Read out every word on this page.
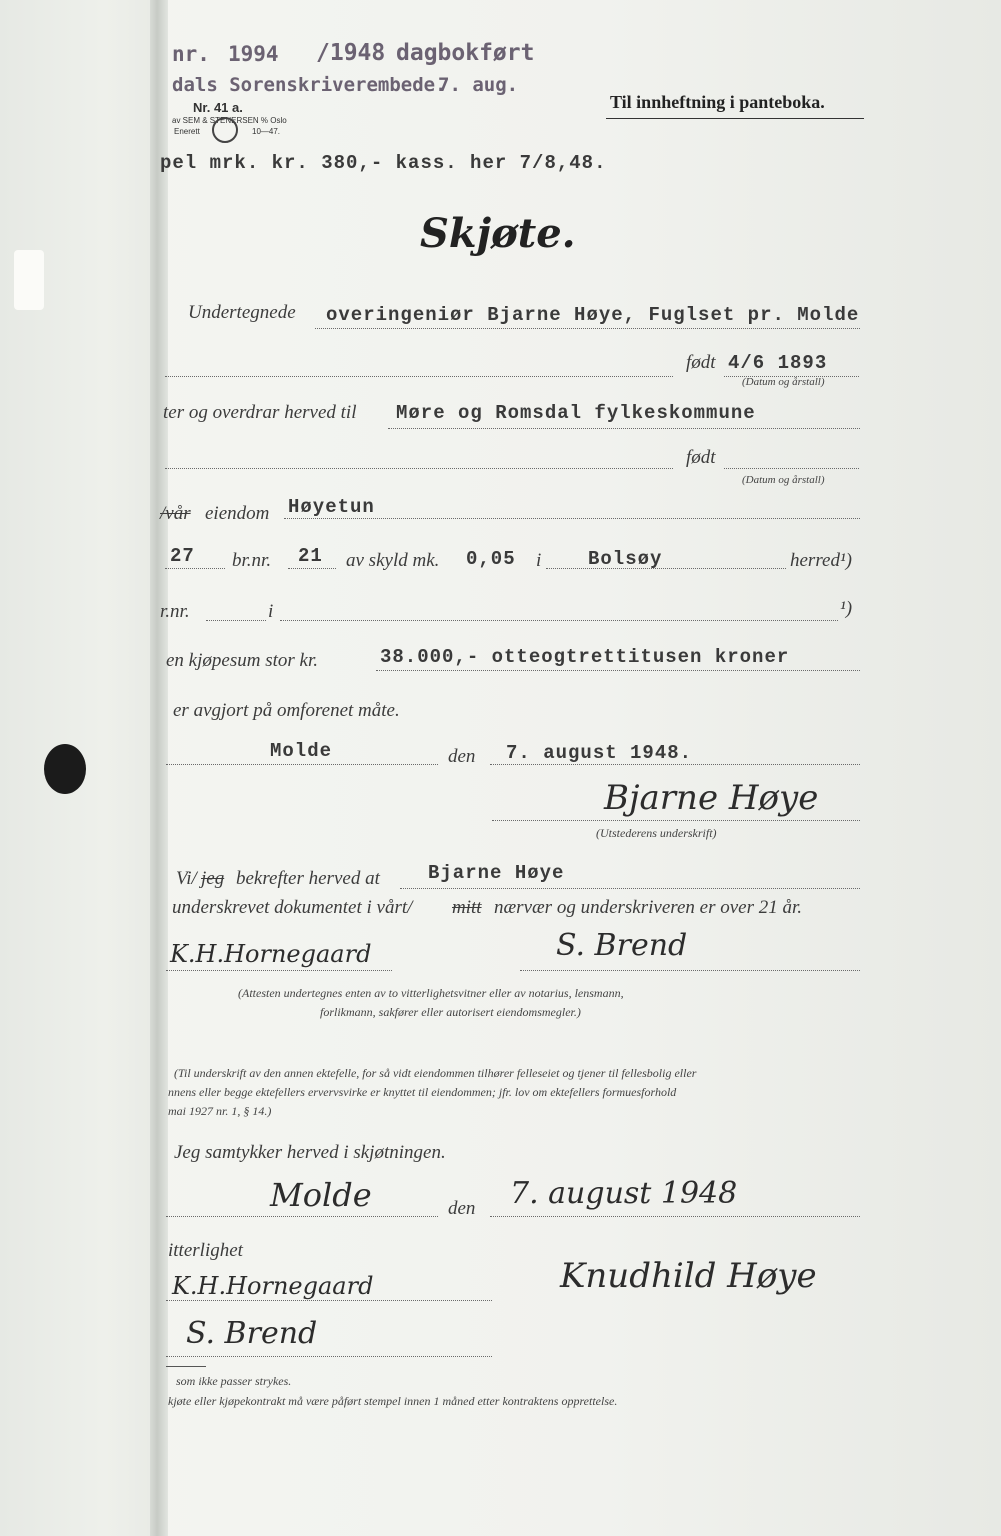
nr. 1994 /1948 dagbokført
dals Sorenskriverembede.
7. aug.
Nr. 41 a.
av SEM & STENERSEN % Oslo
Enerett	10—47.
Til innheftning i panteboka.
pel mrk. kr. 380,- kass. her 7/8,48.
Skjøte.
Undertegnede overingeniør Bjarne Høye, Fuglset pr. Molde
født 4/6 1893
(Datum og årstall)
ter og overdrar herved til Møre og Romsdal fylkeskommune
født
(Datum og årstall)
/vår eiendom Høyetun
27 br.nr. 21 av skyld mk. 0,05 i Bolsøy	herred¹)
r.nr.	i	¹)
en kjøpesum stor kr.	38.000,- otteogtrettitusen kroner
er avgjort på omforenet måte.
Molde	den 7. august 1948.
Bjarne Høye
(Utstederens underskrift)
Vi/ jeg bekrefter herved at	Bjarne Høye
underskrevet dokumentet i vårt/ mitt nærvær og underskriveren er over 21 år.
K.H.Hornegaard	S. Brend
(Attesten undertegnes enten av to vitterlighetsvitner eller av notarius, lensmann,
forlikmann, sakfører eller autorisert eiendomsmegler.)
(Til underskrift av den annen ektefelle, for så vidt eiendommen tilhører felleseiet og tjener til fellesbolig eller
nnens eller begge ektefellers ervervsvirke er knyttet til eiendommen; jfr. lov om ektefellers formuesforhold
mai 1927 nr. 1, § 14.)
Jeg samtykker herved i skjøtningen.
Molde	den 7. august 1948
itterlighet
K.H.Hornegaard
S. Brend
Knudhild Høye
som ikke passer strykes.
kjøte eller kjøpekontrakt må være påført stempel innen 1 måned etter kontraktens opprettelse.
